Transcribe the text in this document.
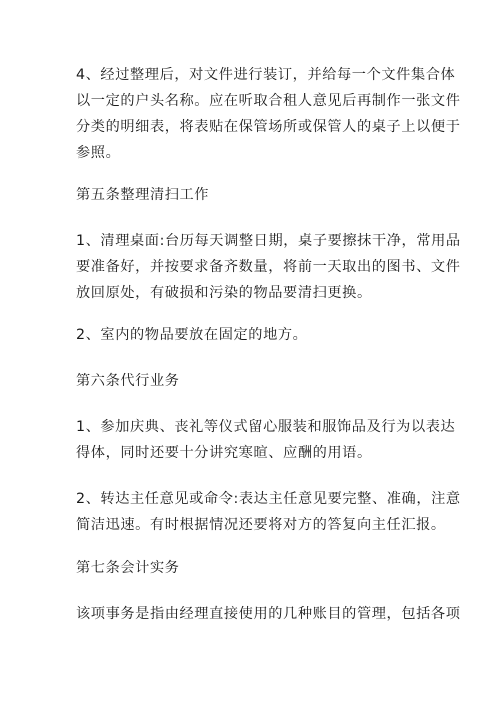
4、经过整理后，对文件进行装订，并给每一个文件集合体
以一定的户头名称。应在听取合租人意见后再制作一张文件
分类的明细表，将表贴在保管场所或保管人的桌子上以便于
参照。
第五条整理清扫工作
1、清理桌面:台历每天调整日期，桌子要擦抹干净，常用品
要准备好，并按要求备齐数量，将前一天取出的图书、文件
放回原处，有破损和污染的物品要清扫更换。
2、室内的物品要放在固定的地方。
第六条代行业务
1、参加庆典、丧礼等仪式留心服装和服饰品及行为以表达
得体，同时还要十分讲究寒暄、应酬的用语。
2、转达主任意见或命令:表达主任意见要完整、准确，注意
简洁迅速。有时根据情况还要将对方的答复向主任汇报。
第七条会计实务
该项事务是指由经理直接使用的几种账目的管理，包括各项
